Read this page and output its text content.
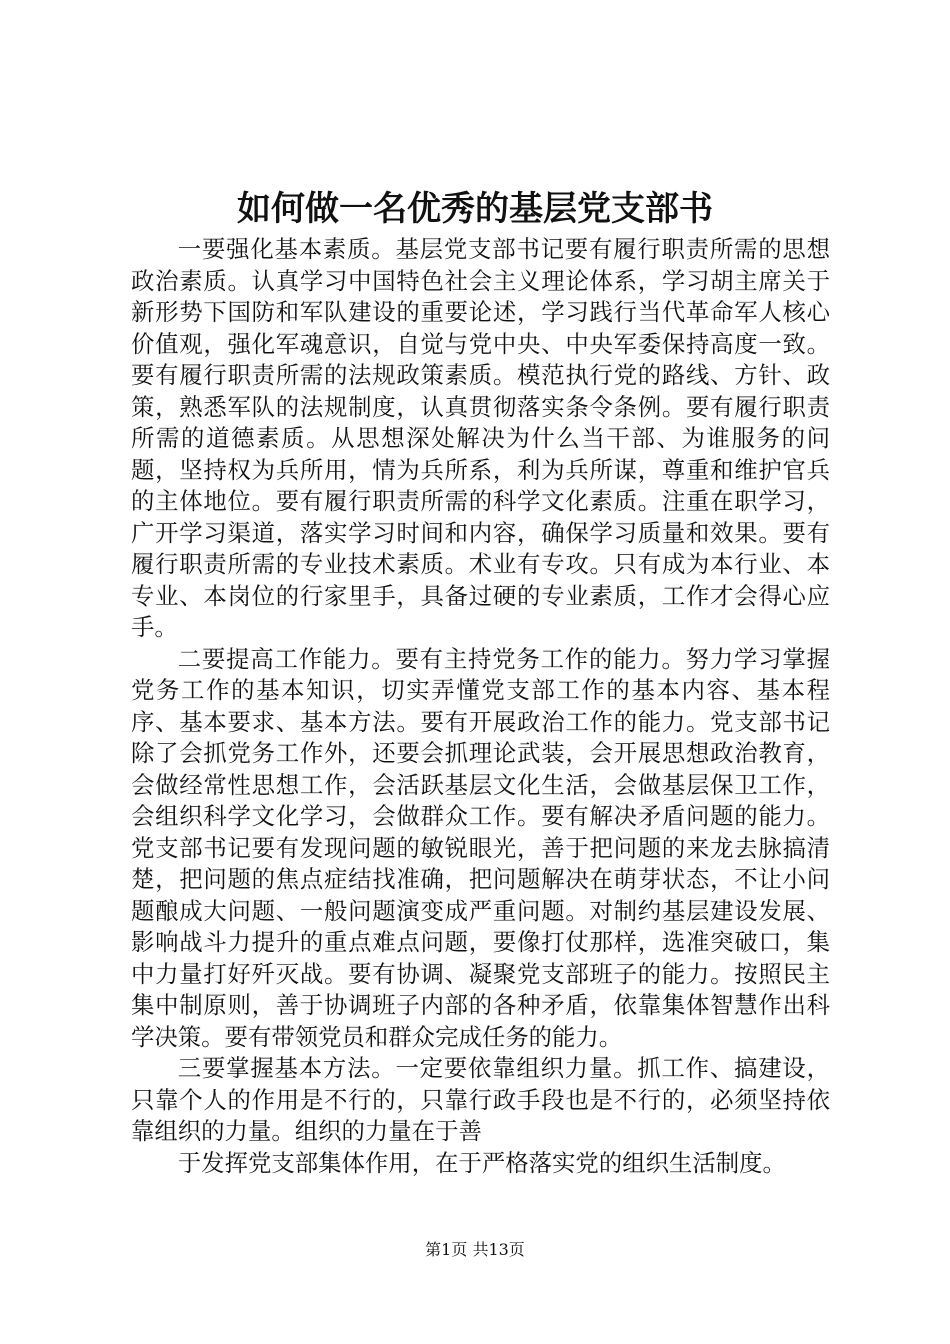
如何做一名优秀的基层党支部书

一要强化基本素质。基层党支部书记要有履行职责所需的思想政治素质。认真学习中国特色社会主义理论体系，学习胡主席关于新形势下国防和军队建设的重要论述，学习践行当代革命军人核心价值观，强化军魂意识，自觉与党中央、中央军委保持高度一致。要有履行职责所需的法规政策素质。模范执行党的路线、方针、政策，熟悉军队的法规制度，认真贯彻落实条令条例。要有履行职责所需的道德素质。从思想深处解决为什么当干部、为谁服务的问题，坚持权为兵所用，情为兵所系，利为兵所谋，尊重和维护官兵的主体地位。要有履行职责所需的科学文化素质。注重在职学习，广开学习渠道，落实学习时间和内容，确保学习质量和效果。要有履行职责所需的专业技术素质。术业有专攻。只有成为本行业、本专业、本岗位的行家里手，具备过硬的专业素质，工作才会得心应手。

二要提高工作能力。要有主持党务工作的能力。努力学习掌握党务工作的基本知识，切实弄懂党支部工作的基本内容、基本程序、基本要求、基本方法。要有开展政治工作的能力。党支部书记除了会抓党务工作外，还要会抓理论武装，会开展思想政治教育，会做经常性思想工作，会活跃基层文化生活，会做基层保卫工作，会组织科学文化学习，会做群众工作。要有解决矛盾问题的能力。党支部书记要有发现问题的敏锐眼光，善于把问题的来龙去脉搞清楚，把问题的焦点症结找准确，把问题解决在萌芽状态，不让小问题酿成大问题、一般问题演变成严重问题。对制约基层建设发展、影响战斗力提升的重点难点问题，要像打仗那样，选准突破口，集中力量打好歼灭战。要有协调、凝聚党支部班子的能力。按照民主集中制原则，善于协调班子内部的各种矛盾，依靠集体智慧作出科学决策。要有带领党员和群众完成任务的能力。

三要掌握基本方法。一定要依靠组织力量。抓工作、搞建设，只靠个人的作用是不行的，只靠行政手段也是不行的，必须坚持依靠组织的力量。组织的力量在于善

于发挥党支部集体作用，在于严格落实党的组织生活制度。

第1页 共13页
